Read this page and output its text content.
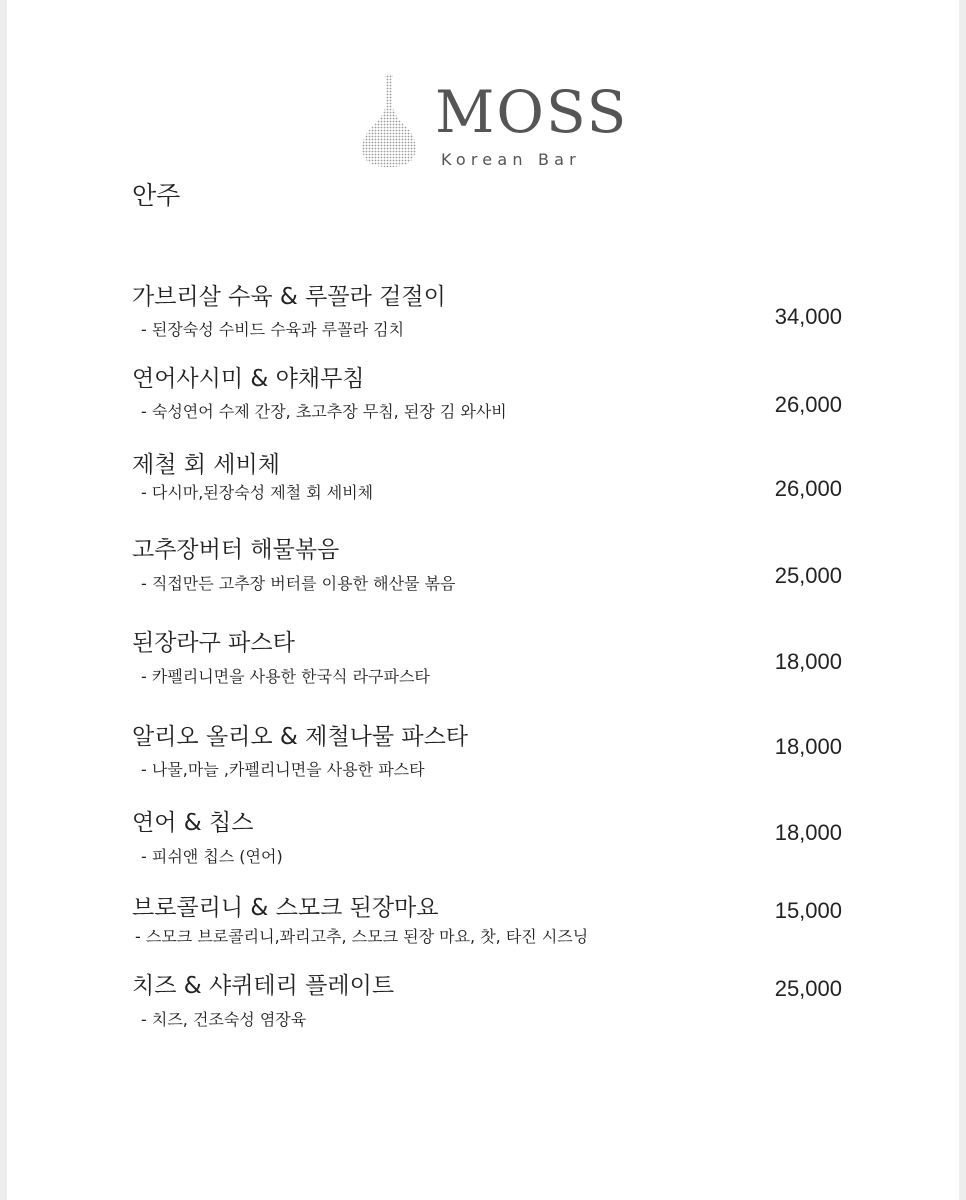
MOSS
Korean Bar
안주
가브리살 수육 & 루꼴라 겉절이
- 된장숙성 수비드 수육과 루꼴라 김치
34,000
연어사시미 & 야채무침
- 숙성연어 수제 간장, 초고추장 무침, 된장 김 와사비	26,000
제철 회 세비체
- 다시마,된장숙성 제철 회 세비체	26,000
고추장버터 해물볶음
- 직접만든 고추장 버터를 이용한 해산물 볶음	25,000
된장라구 파스타
- 카펠리니면을 사용한 한국식 라구파스타
18,000
알리오 올리오 & 제철나물 파스타
- 나물,마늘 ,카펠리니면을 사용한 파스타
18,000
연어 & 칩스
- 피쉬앤 칩스 (연어)
18,000
브로콜리니 & 스모크 된장마요
- 스모크 브로콜리니,꽈리고추, 스모크 된장 마요, 찻, 타진 시즈닝
15,000
치즈 & 샤퀴테리 플레이트
- 치즈, 건조숙성 염장육
25,000
